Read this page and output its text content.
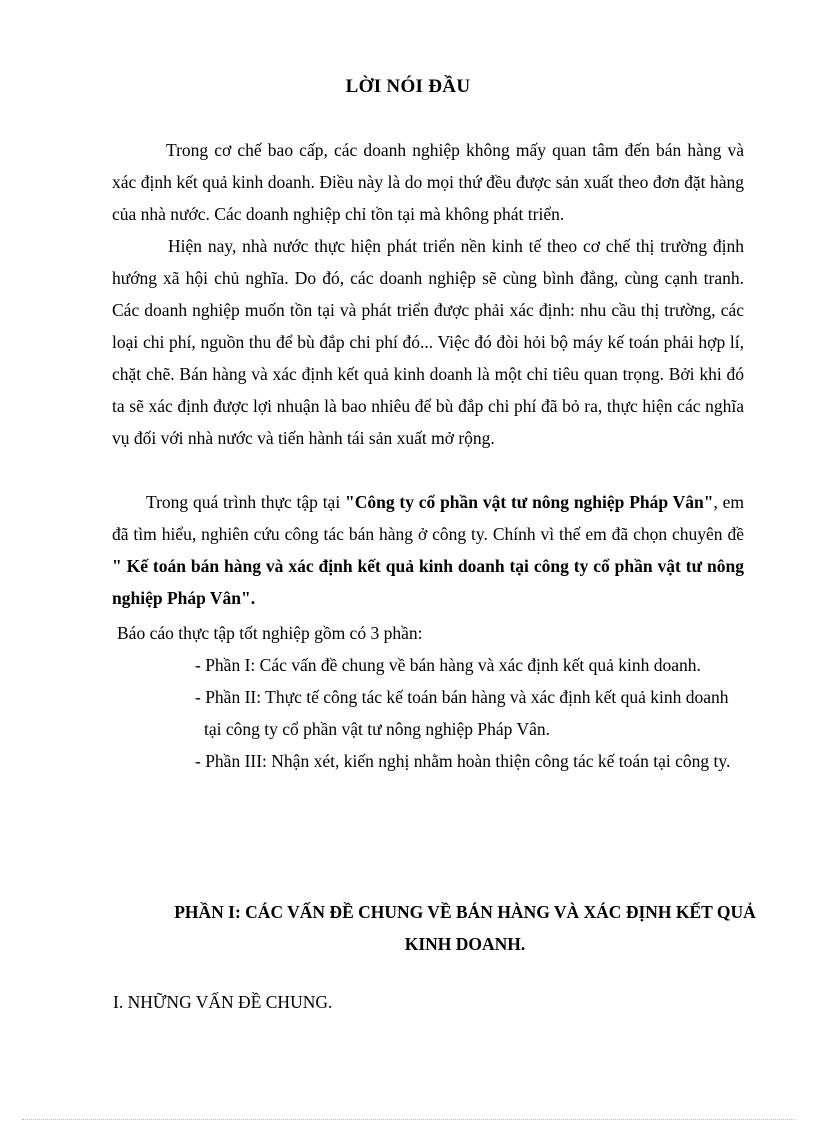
LỜI NÓI ĐẦU

Trong cơ chế bao cấp, các doanh nghiệp không mấy quan tâm đến bán hàng và xác định kết quả kinh doanh. Điều này là do mọi thứ đều được sản xuất theo đơn đặt hàng của nhà nước. Các doanh nghiệp chỉ tồn tại mà không phát triển.

Hiện nay, nhà nước thực hiện phát triển nền kinh tế theo cơ chế thị trường định hướng xã hội chủ nghĩa. Do đó, các doanh nghiệp sẽ cùng bình đẳng, cùng cạnh tranh. Các doanh nghiệp muốn tồn tại và phát triển được phải xác định: nhu cầu thị trường, các loại chi phí, nguồn thu để bù đắp chi phí đó... Việc đó đòi hỏi bộ máy kế toán phải hợp lí, chặt chẽ. Bán hàng và xác định kết quả kinh doanh là một chỉ tiêu quan trọng. Bởi khi đó ta sẽ xác định được lợi nhuận là bao nhiêu để bù đắp chi phí đã bỏ ra, thực hiện các nghĩa vụ đối với nhà nước và tiến hành tái sản xuất mở rộng.

Trong quá trình thực tập tại "Công ty cổ phần vật tư nông nghiệp Pháp Vân", em đã tìm hiểu, nghiên cứu công tác bán hàng ở công ty. Chính vì thế em đã chọn chuyên đề " Kế toán bán hàng và xác định kết quả kinh doanh tại công ty cổ phần vật tư nông nghiệp Pháp Vân".

Báo cáo thực tập tốt nghiệp gồm có 3 phần:

- Phần I: Các vấn đề chung về bán hàng và xác định kết quả kinh doanh.
- Phần II: Thực tế công tác kế toán bán hàng và xác định kết quả kinh doanh tại công ty cổ phần vật tư nông nghiệp Pháp Vân.
- Phần III: Nhận xét, kiến nghị nhằm hoàn thiện công tác kế toán tại công ty.
PHẦN I: CÁC VẤN ĐỀ CHUNG VỀ BÁN HÀNG VÀ XÁC ĐỊNH KẾT QUẢ KINH DOANH.
I. NHỮNG VẤN ĐỀ CHUNG.
